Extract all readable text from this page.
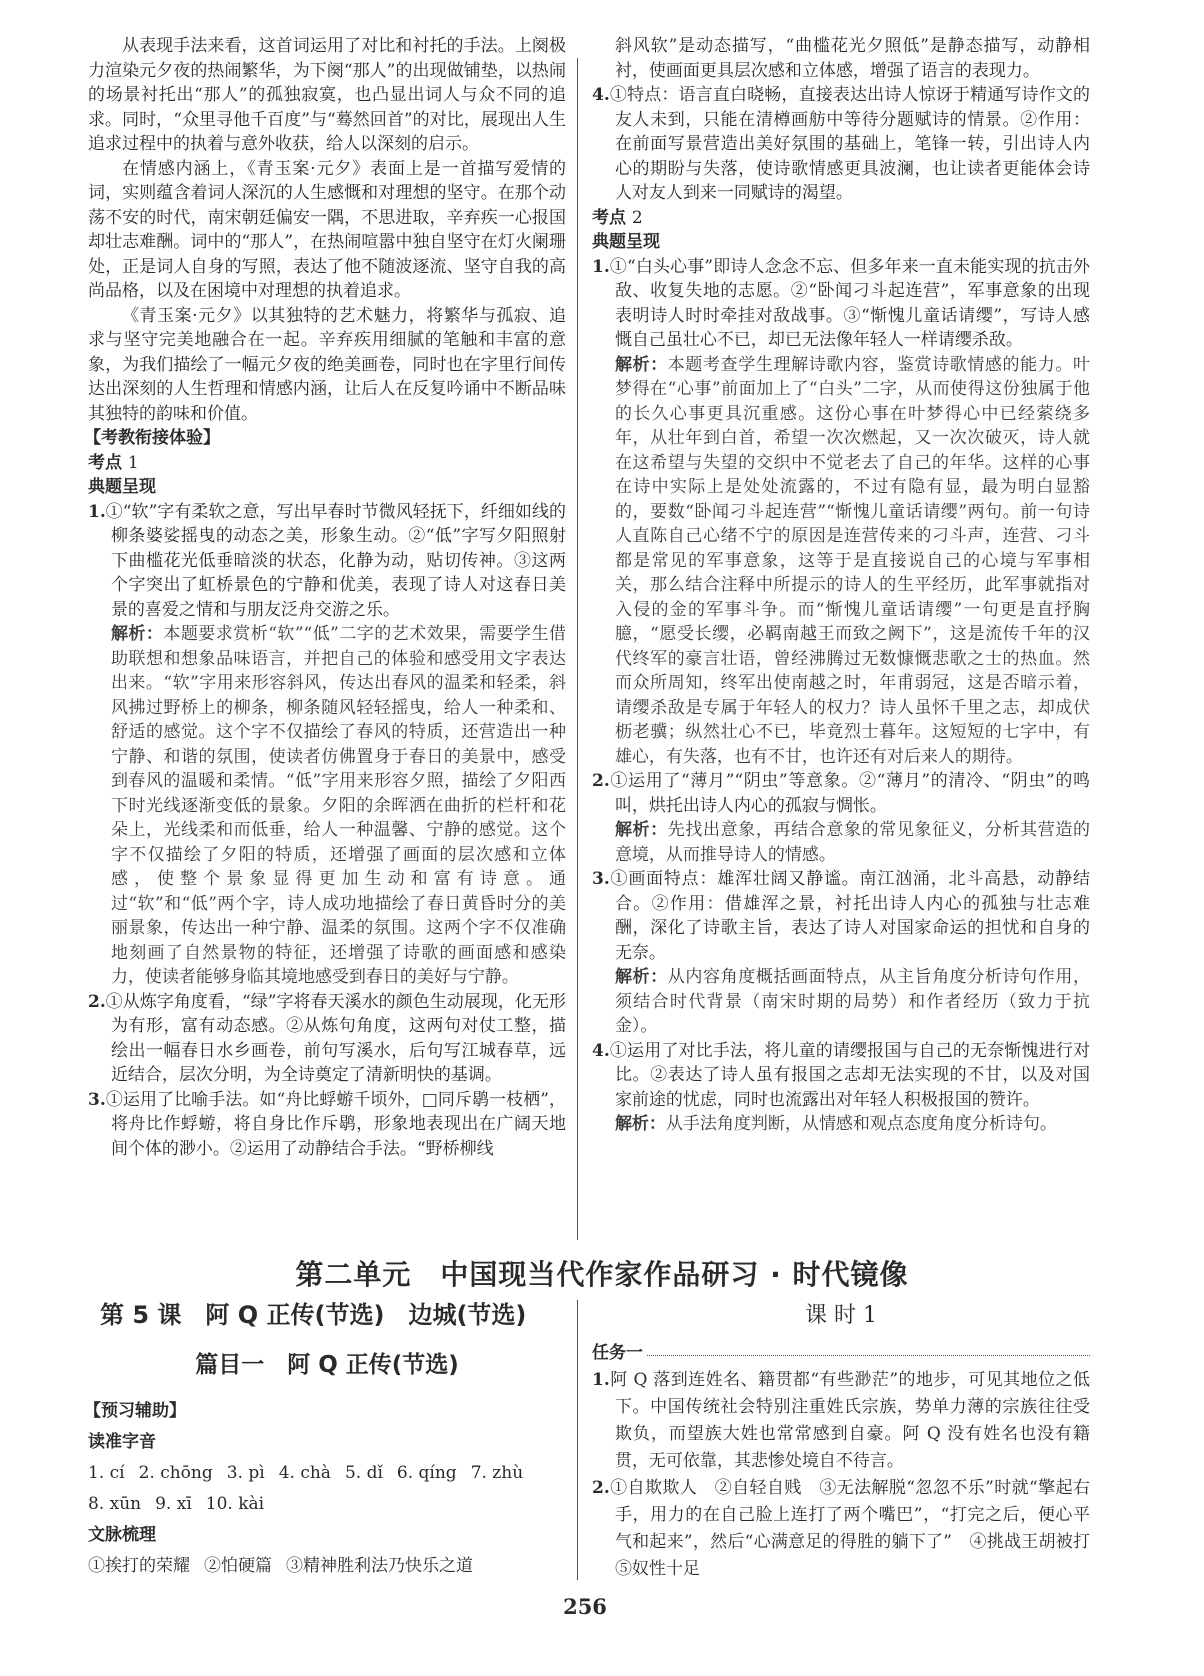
从表现手法来看，这首词运用了对比和衬托的手法。上阕极力渲染元夕夜的热闹繁华，为下阕“那人”的出现做铺垫，以热闹的场景衬托出“那人”的孤独寂寞，也凸显出词人与众不同的追求。同时，“众里寻他千百度”与“蓦然回首”的对比，展现出人生追求过程中的执着与意外收获，给人以深刻的启示。

在情感内涵上，《青玉案·元夕》表面上是一首描写爱情的词，实则蕴含着词人深沉的人生感慨和对理想的坚守。在那个动荡不安的时代，南宋朝廷偏安一隅，不思进取，辛弃疾一心报国却壮志难酬。词中的“那人”，在热闹喧嚣中独自坚守在灯火阑珊处，正是词人自身的写照，表达了他不随波逐流、坚守自我的高尚品格，以及在困境中对理想的执着追求。

《青玉案·元夕》以其独特的艺术魅力，将繁华与孤寂、追求与坚守完美地融合在一起。辛弃疾用细腻的笔触和丰富的意象，为我们描绘了一幅元夕夜的绝美画卷，同时也在字里行间传达出深刻的人生哲理和情感内涵，让后人在反复吟诵中不断品味其独特的韵味和价值。

【考教衔接体验】
考点 1
典题呈现

1.①“软”字有柔软之意，写出早春时节微风轻抚下，纤细如线的柳条婆娑摇曳的动态之美，形象生动。②“低”字写夕阳照射下曲槛花光低垂暗淡的状态，化静为动，贴切传神。③这两个字突出了虹桥景色的宁静和优美，表现了诗人对这春日美景的喜爱之情和与朋友泛舟交游之乐。

解析：本题要求赏析“软”“低”二字的艺术效果，需要学生借助联想和想象品味语言，并把自己的体验和感受用文字表达出来。“软”字用来形容斜风，传达出春风的温柔和轻柔，斜风拂过野桥上的柳条，柳条随风轻轻摇曳，给人一种柔和、舒适的感觉。这个字不仅描绘了春风的特质，还营造出一种宁静、和谐的氛围，使读者仿佛置身于春日的美景中，感受到春风的温暖和柔情。“低”字用来形容夕照，描绘了夕阳西下时光线逐渐变低的景象。夕阳的余晖洒在曲折的栏杆和花朵上，光线柔和而低垂，给人一种温馨、宁静的感觉。这个字不仅描绘了夕阳的特质，还增强了画面的层次感和立体感，使整个景象显得更加生动和富有诗意。通过“软”和“低”两个字，诗人成功地描绘了春日黄昏时分的美丽景象，传达出一种宁静、温柔的氛围。这两个字不仅准确地刻画了自然景物的特征，还增强了诗歌的画面感和感染力，使读者能够身临其境地感受到春日的美好与宁静。

2.①从炼字角度看，“绿”字将春天溪水的颜色生动展现，化无形为有形，富有动态感。②从炼句角度，这两句对仗工整，描绘出一幅春日水乡画卷，前句写溪水，后句写江城春草，远近结合，层次分明，为全诗奠定了清新明快的基调。

3.①运用了比喻手法。如“舟比蜉蝣千顷外，□同斥鹖一枝栖”，将舟比作蜉蝣，将自身比作斥鹖，形象地表现出在广阔天地间个体的渺小。②运用了动静结合手法。“野桥柳线

斜风软”是动态描写，“曲槛花光夕照低”是静态描写，动静相衬，使画面更具层次感和立体感，增强了语言的表现力。

4.①特点：语言直白晓畅，直接表达出诗人惊讶于精通写诗作文的友人未到，只能在清樽画舫中等待分题赋诗的情景。②作用：在前面写景营造出美好氛围的基础上，笔锋一转，引出诗人内心的期盼与失落，使诗歌情感更具波澜，也让读者更能体会诗人对友人到来一同赋诗的渴望。

考点 2
典题呈现

1.①“白头心事”即诗人念念不忘、但多年来一直未能实现的抗击外敌、收复失地的志愿。②“卧闻刁斗起连营”，军事意象的出现表明诗人时时牵挂对敌战事。③“惭愧儿童话请缨”，写诗人感慨自己虽壮心不已，却已无法像年轻人一样请缨杀敌。

解析：本题考查学生理解诗歌内容，鉴赏诗歌情感的能力。叶梦得在“心事”前面加上了“白头”二字，从而使得这份独属于他的长久心事更具沉重感。这份心事在叶梦得心中已经萦绕多年，从壮年到白首，希望一次次燃起，又一次次破灭，诗人就在这希望与失望的交织中不觉老去了自己的年华。这样的心事在诗中实际上是处处流露的，不过有隐有显，最为明白显豁的，要数“卧闻刁斗起连营”“惭愧儿童话请缨”两句。前一句诗人直陈自己心绪不宁的原因是连营传来的刁斗声，连营、刁斗都是常见的军事意象，这等于是直接说自己的心境与军事相关，那么结合注释中所提示的诗人的生平经历，此军事就指对入侵的金的军事斗争。而“惭愧儿童话请缨”一句更是直抒胸臆，“愿受长缨，必羁南越王而致之阙下”，这是流传千年的汉代终军的豪言壮语，曾经沸腾过无数慷慨悲歌之士的热血。然而众所周知，终军出使南越之时，年甫弱冠，这是否暗示着，请缨杀敌是专属于年轻人的权力？诗人虽怀千里之志，却成伏枥老骥；纵然壮心不已，毕竟烈士暮年。这短短的七字中，有雄心，有失落，也有不甘，也许还有对后来人的期待。

2.①运用了“薄月”“阴虫”等意象。②“薄月”的清冷、“阴虫”的鸣叫，烘托出诗人内心的孤寂与惆怅。

解析：先找出意象，再结合意象的常见象征义，分析其营造的意境，从而推导诗人的情感。

3.①画面特点：雄浑壮阔又静谧。南江汹涌，北斗高悬，动静结合。②作用：借雄浑之景，衬托出诗人内心的孤独与壮志难酬，深化了诗歌主旨，表达了诗人对国家命运的担忧和自身的无奈。

解析：从内容角度概括画面特点，从主旨角度分析诗句作用，须结合时代背景（南宋时期的局势）和作者经历（致力于抗金）。

4.①运用了对比手法，将儿童的请缨报国与自己的无奈惭愧进行对比。②表达了诗人虽有报国之志却无法实现的不甘，以及对国家前途的忧虑，同时也流露出对年轻人积极报国的赞许。

解析：从手法角度判断，从情感和观点态度角度分析诗句。

第二单元　中国现当代作家作品研习 · 时代镜像
第 5 课　阿 Q 正传(节选)　边城(节选)	课 时 1
篇目一　阿 Q 正传(节选)
【预习辅助】
读准字音
1. cí 2. chōng 3. pì 4. chà 5. dǐ 6. qíng 7. zhù
8. xūn 9. xī 10. kài
文脉梳理
①挨打的荣耀 ②怕硬篇 ③精神胜利法乃快乐之道
任务一

1.阿 Q 落到连姓名、籍贯都“有些渺茫”的地步，可见其地位之低下。中国传统社会特别注重姓氏宗族，势单力薄的宗族往往受欺负，而望族大姓也常常感到自豪。阿 Q 没有姓名也没有籍贯，无可依靠，其悲惨处境自不待言。

2.①自欺欺人　②自轻自贱　③无法解脱“忽忽不乐”时就“擎起右手，用力的在自己脸上连打了两个嘴巴”，“打完之后，便心平气和起来”，然后“心满意足的得胜的躺下了”　④挑战王胡被打　⑤奴性十足

256
